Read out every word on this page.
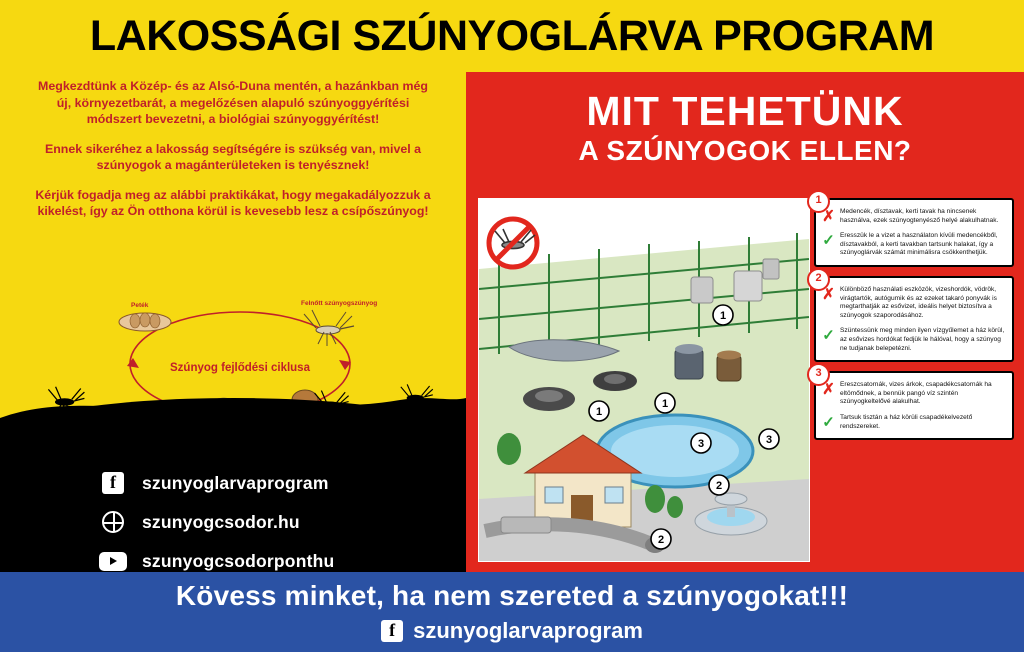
LAKOSSÁGI SZÚNYOGLÁRVA PROGRAM

Megkezdtünk a Közép- és az Alsó-Duna mentén, a hazánkban még új, környezetbarát, a megelőzésen alapuló szúnyoggyérítési módszert bevezetni, a biológiai szúnyoggyérítést!

Ennek sikeréhez a lakosság segítségére is szükség van, mivel a szúnyogok a magánterületeken is tenyésznek!

Kérjük fogadja meg az alábbi praktikákat, hogy megakadályozzuk a kikelést, így az Ön otthona körül is kevesebb lesz a csípőszúnyog!

Peték	Felnőtt szúnyogszúnyog
Szúnyog fejlődési ciklusa
f	szunyoglarvaprogram
szunyogcsodor.hu
szunyogcsodorponthu
MIT TEHETÜNK
A SZÚNYOGOK ELLEN?
1
1
1
2
2
3	3
1
✗ Medencék, dísztavak, kerti tavak ha nincsenek használva, ezek szúnyogtenyésző helyé alakulhatnak.
✓ Eresszük le a vizet a használaton kívüli medencékből, dísztavakból, a kerti tavakban tartsunk halakat, így a szúnyoglárvák számát minimálisra csökkenthetjük.
2
✗ Különböző használati eszközök, vizeshordók, vödrök, virágtartók, autógumik és az ezeket takaró ponyvák is megtarthatják az esővizet, ideális helyet biztosítva a szúnyogok szaporodásához.
✓ Szüntessünk meg minden ilyen vízgyűlemet a ház körül, az esővizes hordókat fedjük le hálóval, hogy a szúnyog ne tudjanak belepetézni.
3
✗ Ereszcsatornák, vizes árkok, csapadékcsatornák ha eltömődnek, a bennük pangó víz szintén szúnyogkeltelővé alakulhat.
✓ Tartsuk tisztán a ház körüli csapadékelvezető rendszereket.
Kövess minket, ha nem szereted a szúnyogokat!!!
f szunyoglarvaprogram
